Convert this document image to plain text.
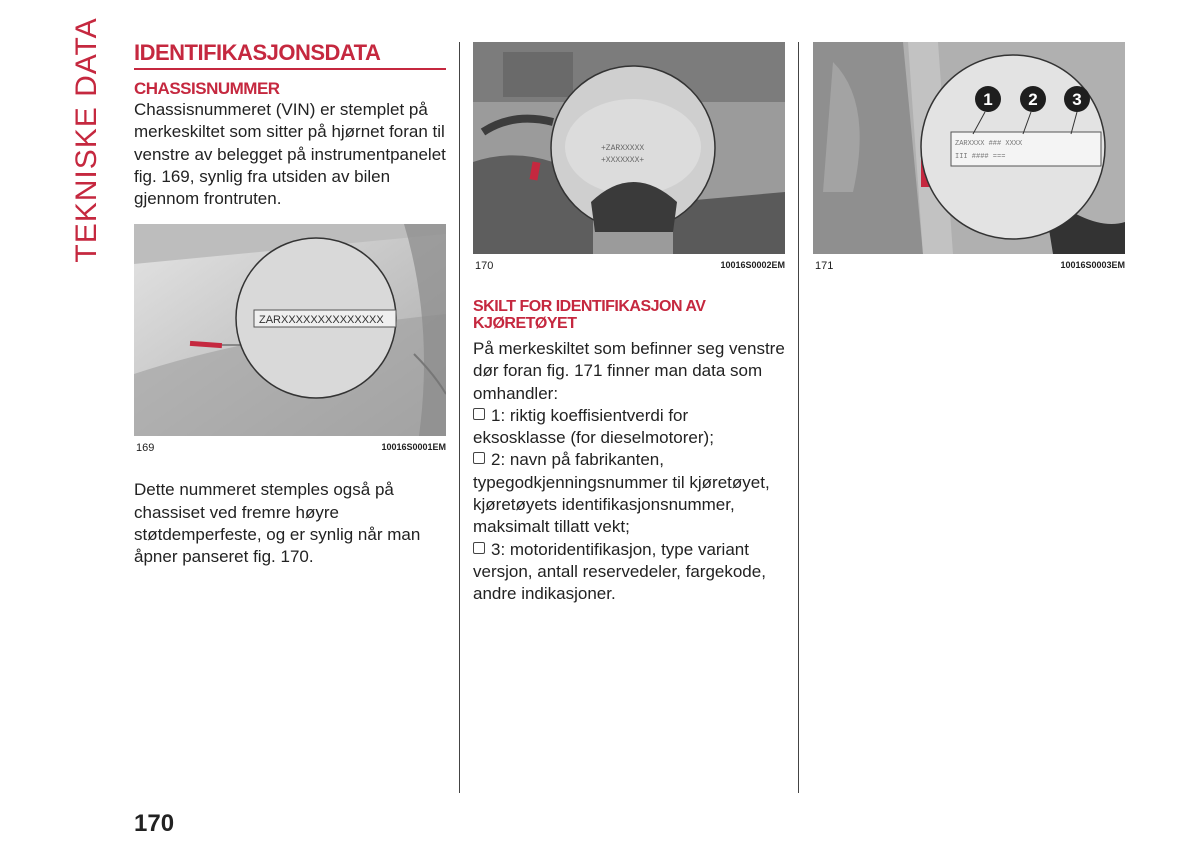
TEKNISKE DATA IDENTIFIKASJONSDATA
CHASSISNUMMER

Chassisnummeret (VIN) er stemplet på merkeskiltet som sitter på hjørnet foran til venstre av belegget på instrumentpanelet fig. 169, synlig fra utsiden av bilen gjennom frontruten.

ZARXXXXXXXXXXXXXX
169	10016S0001EM

Dette nummeret stemples også på chassiset ved fremre høyre støtdemperfeste, og er synlig når man åpner panseret fig. 170.

+ZARXXXXX
+XXXXXXX+
170	10016S0002EM
SKILT FOR IDENTIFIKASJON AV KJØRETØYET

På merkeskiltet som befinner seg venstre dør foran fig. 171 finner man data som omhandler:

1: riktig koeffisientverdi for eksosklasse (for dieselmotorer);

2: navn på fabrikanten, typegodkjenningsnummer til kjøretøyet, kjøretøyets identifikasjonsnummer, maksimalt tillatt vekt;

3: motoridentifikasjon, type variant versjon, antall reservedeler, fargekode, andre indikasjoner.

ZARXXXX ### XXXX
III #### ===
1 2 3
171	10016S0003EM
170
